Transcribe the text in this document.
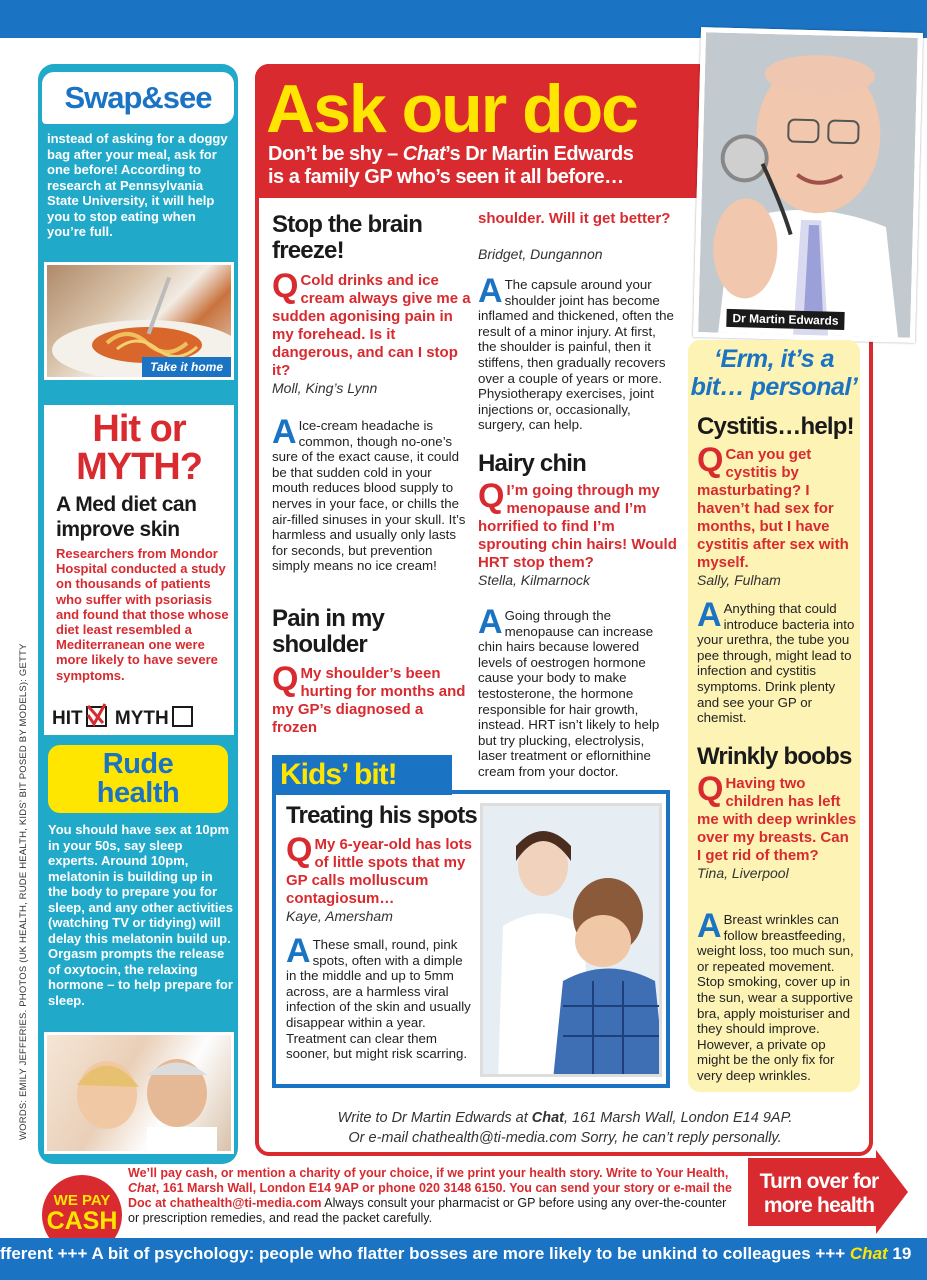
Swap&see
instead of asking for a doggy bag after your meal, ask for one before! According to research at Pennsylvania State University, it will help you to stop eating when you’re full.
Take it home
Hit or
MYTH?
A Med diet can improve skin
Researchers from Mondor Hospital conducted a study on thousands of patients who suffer with psoriasis and found that those whose diet least resembled a Mediterranean one were more likely to have severe symptoms.
HIT MYTH
Rude
health
You should have sex at 10pm in your 50s, say sleep experts. Around 10pm, melatonin is building up in the body to prepare you for sleep, and any other activities (watching TV or tidying) will delay this melatonin build up. Orgasm prompts the release of oxytocin, the relaxing hormone – to help prepare for sleep.
WORDS: EMILY JEFFERIES. PHOTOS (UK HEALTH, RUDE HEALTH, KIDS’ BIT POSED BY MODELS): GETTY
Ask our doc
Don’t be shy – Chat’s Dr Martin Edwards
is a family GP who’s seen it all before…
Dr Martin Edwards
Stop the brain freeze!
Q Cold drinks and ice cream always give me a sudden agonising pain in my forehead. Is it dangerous, and can I stop it?
Moll, King’s Lynn
A Ice-cream headache is common, though no-one’s sure of the exact cause, it could be that sudden cold in your mouth reduces blood supply to nerves in your face, or chills the air-filled sinuses in your skull. It’s harmless and usually only lasts for seconds, but prevention simply means no ice cream!
Pain in my shoulder
Q My shoulder’s been hurting for months and my GP’s diagnosed a frozen
shoulder. Will it get better?
Bridget, Dungannon
A The capsule around your shoulder joint has become inflamed and thickened, often the result of a minor injury. At first, the shoulder is painful, then it stiffens, then gradually recovers over a couple of years or more. Physiotherapy exercises, joint injections or, occasionally, surgery, can help.
Hairy chin
Q I’m going through my menopause and I’m horrified to find I’m sprouting chin hairs! Would HRT stop them?
Stella, Kilmarnock
A Going through the menopause can increase chin hairs because lowered levels of oestrogen hormone cause your body to make testosterone, the hormone responsible for hair growth, instead. HRT isn’t likely to help but try plucking, electrolysis, laser treatment or eflornithine cream from your doctor.
‘Erm, it’s a
bit… personal’
Cystitis…help!
Q Can you get cystitis by masturbating? I haven’t had sex for months, but I have cystitis after sex with myself.
Sally, Fulham
A Anything that could introduce bacteria into your urethra, the tube you pee through, might lead to infection and cystitis symptoms. Drink plenty and see your GP or chemist.
Wrinkly boobs
Q Having two children has left me with deep wrinkles over my breasts. Can I get rid of them?
Tina, Liverpool
A Breast wrinkles can follow breastfeeding, weight loss, too much sun, or repeated movement. Stop smoking, cover up in the sun, wear a supportive bra, apply moisturiser and they should improve. However, a private op might be the only fix for very deep wrinkles.
Kids’ bit!
Treating his spots
Q My 6-year-old has lots of little spots that my GP calls molluscum contagiosum…
Kaye, Amersham
A These small, round, pink spots, often with a dimple in the middle and up to 5mm across, are a harmless viral infection of the skin and usually disappear within a year. Treatment can clear them sooner, but might risk scarring.
Write to Dr Martin Edwards at Chat, 161 Marsh Wall, London E14 9AP.
Or e-mail chathealth@ti-media.com Sorry, he can’t reply personally.
WE PAY
CASH
We’ll pay cash, or mention a charity of your choice, if we print your health story. Write to Your Health, Chat, 161 Marsh Wall, London E14 9AP or phone 020 3148 6150. You can send your story or e-mail the Doc at chathealth@ti-media.com Always consult your pharmacist or GP before using any over-the-counter or prescription remedies, and read the packet carefully.
Turn over for
more health
fferent +++ A bit of psychology: people who flatter bosses are more likely to be unkind to colleagues +++ Chat 19
